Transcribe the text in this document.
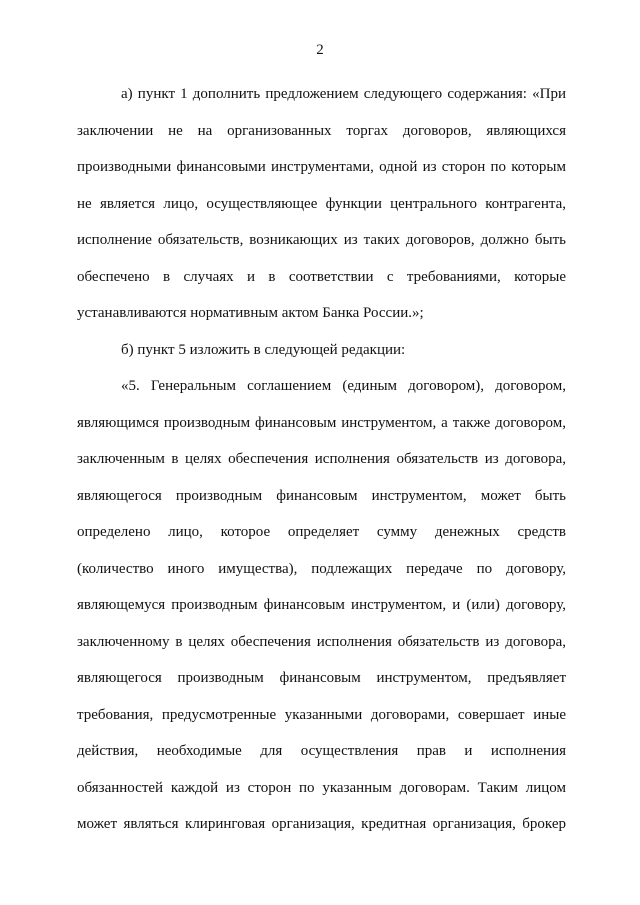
2

а) пункт 1 дополнить предложением следующего содержания: «При
заключении не на организованных торгах договоров, являющихся
производными финансовыми инструментами, одной из сторон по которым
не является лицо, осуществляющее функции центрального контрагента,
исполнение обязательств, возникающих из таких договоров, должно быть
обеспечено в случаях и в соответствии с требованиями, которые
устанавливаются нормативным актом Банка России.»;

б) пункт 5 изложить в следующей редакции:

«5. Генеральным соглашением (единым договором), договором,
являющимся производным финансовым инструментом, а также договором,
заключенным в целях обеспечения исполнения обязательств из договора,
являющегося производным финансовым инструментом, может быть
определено лицо, которое определяет сумму денежных средств
(количество иного имущества), подлежащих передаче по договору,
являющемуся производным финансовым инструментом, и (или) договору,
заключенному в целях обеспечения исполнения обязательств из договора,
являющегося производным финансовым инструментом, предъявляет
требования, предусмотренные указанными договорами, совершает иные
действия, необходимые для осуществления прав и исполнения
обязанностей каждой из сторон по указанным договорам. Таким лицом
может являться клиринговая организация, кредитная организация, брокер
